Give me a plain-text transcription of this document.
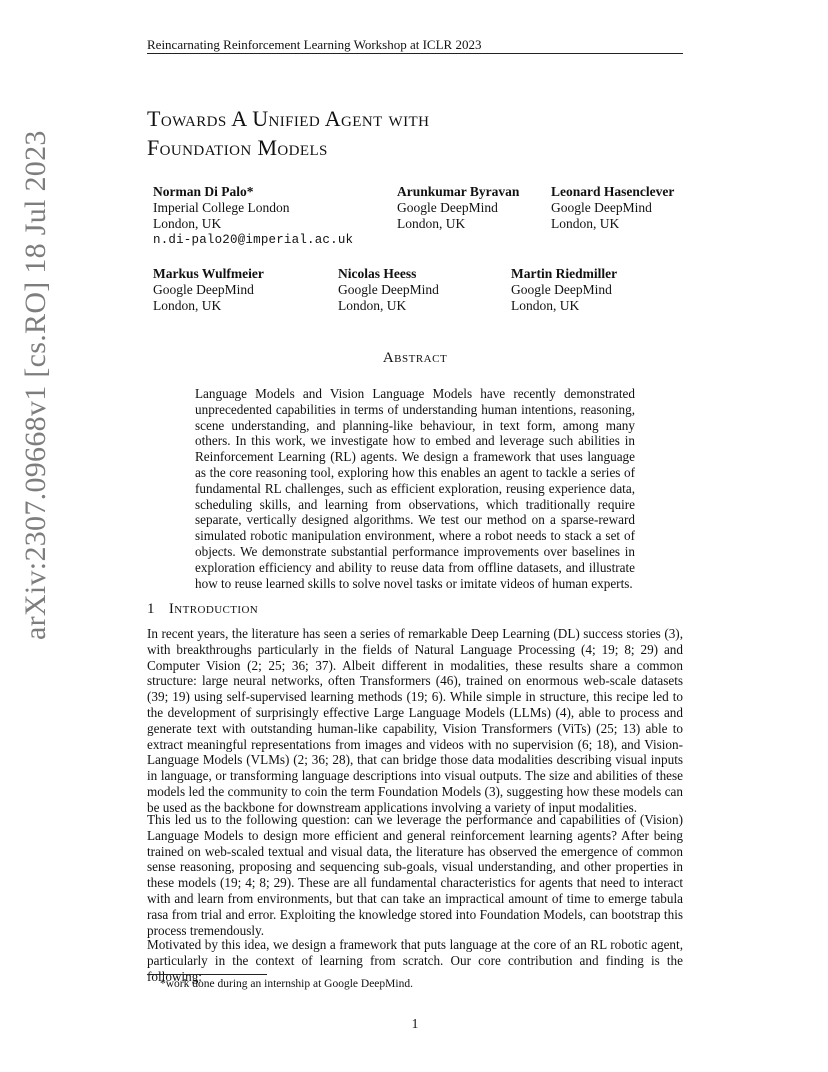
Reincarnating Reinforcement Learning Workshop at ICLR 2023
arXiv:2307.09668v1 [cs.RO] 18 Jul 2023
Towards A Unified Agent with
Foundation Models
Norman Di Palo*
Imperial College London
London, UK
n.di-palo20@imperial.ac.uk
Arunkumar Byravan
Google DeepMind
London, UK
Leonard Hasenclever
Google DeepMind
London, UK
Markus Wulfmeier
Google DeepMind
London, UK
Nicolas Heess
Google DeepMind
London, UK
Martin Riedmiller
Google DeepMind
London, UK
Abstract
Language Models and Vision Language Models have recently demonstrated unprecedented capabilities in terms of understanding human intentions, reasoning, scene understanding, and planning-like behaviour, in text form, among many others. In this work, we investigate how to embed and leverage such abilities in Reinforcement Learning (RL) agents. We design a framework that uses language as the core reasoning tool, exploring how this enables an agent to tackle a series of fundamental RL challenges, such as efficient exploration, reusing experience data, scheduling skills, and learning from observations, which traditionally require separate, vertically designed algorithms. We test our method on a sparse-reward simulated robotic manipulation environment, where a robot needs to stack a set of objects. We demonstrate substantial performance improvements over baselines in exploration efficiency and ability to reuse data from offline datasets, and illustrate how to reuse learned skills to solve novel tasks or imitate videos of human experts.
1 Introduction
In recent years, the literature has seen a series of remarkable Deep Learning (DL) success stories (3), with breakthroughs particularly in the fields of Natural Language Processing (4; 19; 8; 29) and Computer Vision (2; 25; 36; 37). Albeit different in modalities, these results share a common structure: large neural networks, often Transformers (46), trained on enormous web-scale datasets (39; 19) using self-supervised learning methods (19; 6). While simple in structure, this recipe led to the development of surprisingly effective Large Language Models (LLMs) (4), able to process and generate text with outstanding human-like capability, Vision Transformers (ViTs) (25; 13) able to extract meaningful representations from images and videos with no supervision (6; 18), and Vision-Language Models (VLMs) (2; 36; 28), that can bridge those data modalities describing visual inputs in language, or transforming language descriptions into visual outputs. The size and abilities of these models led the community to coin the term Foundation Models (3), suggesting how these models can be used as the backbone for downstream applications involving a variety of input modalities.
This led us to the following question: can we leverage the performance and capabilities of (Vision) Language Models to design more efficient and general reinforcement learning agents? After being trained on web-scaled textual and visual data, the literature has observed the emergence of common sense reasoning, proposing and sequencing sub-goals, visual understanding, and other properties in these models (19; 4; 8; 29). These are all fundamental characteristics for agents that need to interact with and learn from environments, but that can take an impractical amount of time to emerge tabula rasa from trial and error. Exploiting the knowledge stored into Foundation Models, can bootstrap this process tremendously.
Motivated by this idea, we design a framework that puts language at the core of an RL robotic agent, particularly in the context of learning from scratch. Our core contribution and finding is the following:
*work done during an internship at Google DeepMind.
1
